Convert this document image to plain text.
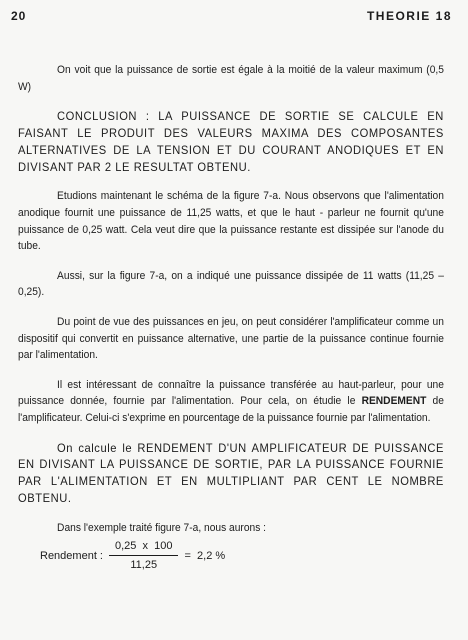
20	THEORIE 18

On voit que la puissance de sortie est égale à la moitié de la valeur maximum (0,5 W)

CONCLUSION : LA PUISSANCE DE SORTIE SE CALCULE EN FAISANT LE PRODUIT DES VALEURS MAXIMA DES COMPOSANTES ALTERNATIVES DE LA TENSION ET DU COURANT ANODIQUES ET EN DIVISANT PAR 2 LE RESULTAT OBTENU.

Etudions maintenant le schéma de la figure 7-a. Nous observons que l'alimentation anodique fournit une puissance de 11,25 watts, et que le haut - parleur ne fournit qu'une puissance de 0,25 watt. Cela veut dire que la puissance restante est dissipée sur l'anode du tube.

Aussi, sur la figure 7-a, on a indiqué une puissance dissipée de 11 watts (11,25 – 0,25).

Du point de vue des puissances en jeu, on peut considérer l'amplificateur comme un dispositif qui convertit en puissance alternative, une partie de la puissance continue fournie par l'alimentation.

Il est intéressant de connaître la puissance transférée au haut-parleur, pour une puissance donnée, fournie par l'alimentation. Pour cela, on étudie le RENDEMENT de l'amplificateur. Celui-ci s'exprime en pourcentage de la puissance fournie par l'alimentation.

On calcule le RENDEMENT D'UN AMPLIFICATEUR DE PUISSANCE EN DIVISANT LA PUISSANCE DE SORTIE, PAR LA PUISSANCE FOURNIE PAR L'ALIMENTATION ET EN MULTIPLIANT PAR CENT LE NOMBRE OBTENU.

Dans l'exemple traité figure 7-a, nous aurons :

Rendement : $\frac{0,25 x 100}{11,25} = 2,2$ %
